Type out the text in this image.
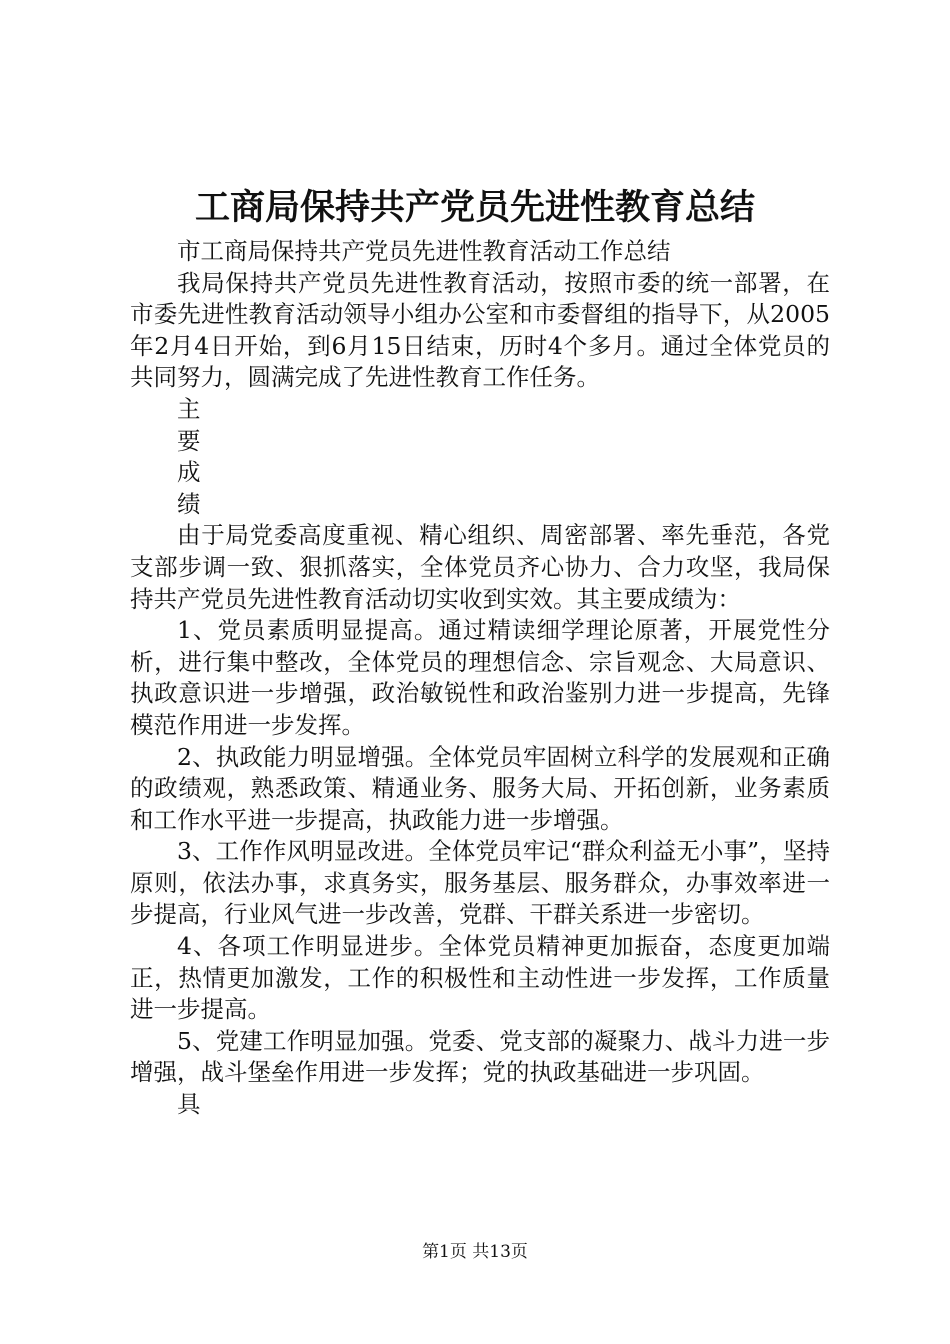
工商局保持共产党员先进性教育总结

市工商局保持共产党员先进性教育活动工作总结

我局保持共产党员先进性教育活动，按照市委的统一部署，在市委先进性教育活动领导小组办公室和市委督组的指导下，从2005年2月4日开始，到6月15日结束，历时4个多月。通过全体党员的共同努力，圆满完成了先进性教育工作任务。

主

要

成

绩

由于局党委高度重视、精心组织、周密部署、率先垂范，各党支部步调一致、狠抓落实，全体党员齐心协力、合力攻坚，我局保持共产党员先进性教育活动切实收到实效。其主要成绩为：

1、党员素质明显提高。通过精读细学理论原著，开展党性分析，进行集中整改，全体党员的理想信念、宗旨观念、大局意识、执政意识进一步增强，政治敏锐性和政治鉴别力进一步提高，先锋模范作用进一步发挥。

2、执政能力明显增强。全体党员牢固树立科学的发展观和正确的政绩观，熟悉政策、精通业务、服务大局、开拓创新，业务素质和工作水平进一步提高，执政能力进一步增强。

3、工作作风明显改进。全体党员牢记“群众利益无小事”，坚持原则，依法办事，求真务实，服务基层、服务群众，办事效率进一步提高，行业风气进一步改善，党群、干群关系进一步密切。

4、各项工作明显进步。全体党员精神更加振奋，态度更加端正，热情更加激发，工作的积极性和主动性进一步发挥，工作质量进一步提高。

5、党建工作明显加强。党委、党支部的凝聚力、战斗力进一步增强，战斗堡垒作用进一步发挥；党的执政基础进一步巩固。

具

第1页 共13页
